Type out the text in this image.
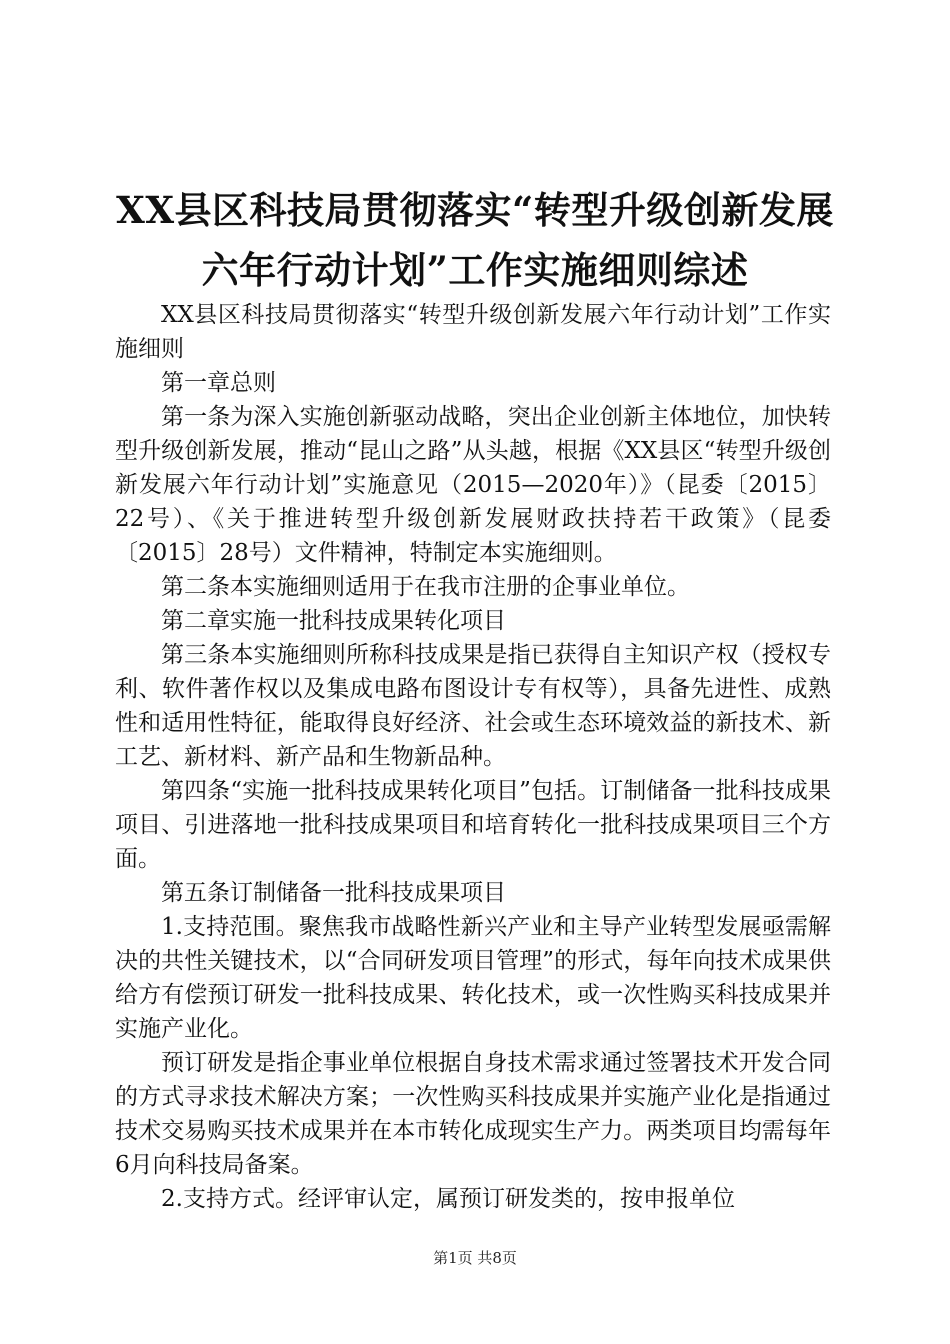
XX县区科技局贯彻落实“转型升级创新发展
六年行动计划”工作实施细则综述

XX县区科技局贯彻落实“转型升级创新发展六年行动计划”工作实施细则

第一章总则

第一条为深入实施创新驱动战略，突出企业创新主体地位，加快转型升级创新发展，推动“昆山之路”从头越，根据《XX县区“转型升级创新发展六年行动计划”实施意见（2015—2020年）》（昆委〔2015〕22号）、《关于推进转型升级创新发展财政扶持若干政策》（昆委〔2015〕28号）文件精神，特制定本实施细则。

第二条本实施细则适用于在我市注册的企事业单位。

第二章实施一批科技成果转化项目

第三条本实施细则所称科技成果是指已获得自主知识产权（授权专利、软件著作权以及集成电路布图设计专有权等），具备先进性、成熟性和适用性特征，能取得良好经济、社会或生态环境效益的新技术、新工艺、新材料、新产品和生物新品种。

第四条“实施一批科技成果转化项目”包括。订制储备一批科技成果项目、引进落地一批科技成果项目和培育转化一批科技成果项目三个方面。

第五条订制储备一批科技成果项目

1.支持范围。聚焦我市战略性新兴产业和主导产业转型发展亟需解决的共性关键技术，以“合同研发项目管理”的形式，每年向技术成果供给方有偿预订研发一批科技成果、转化技术，或一次性购买科技成果并实施产业化。

预订研发是指企事业单位根据自身技术需求通过签署技术开发合同的方式寻求技术解决方案；一次性购买科技成果并实施产业化是指通过技术交易购买技术成果并在本市转化成现实生产力。两类项目均需每年6月向科技局备案。

2.支持方式。经评审认定，属预订研发类的，按申报单位

第1页 共8页
